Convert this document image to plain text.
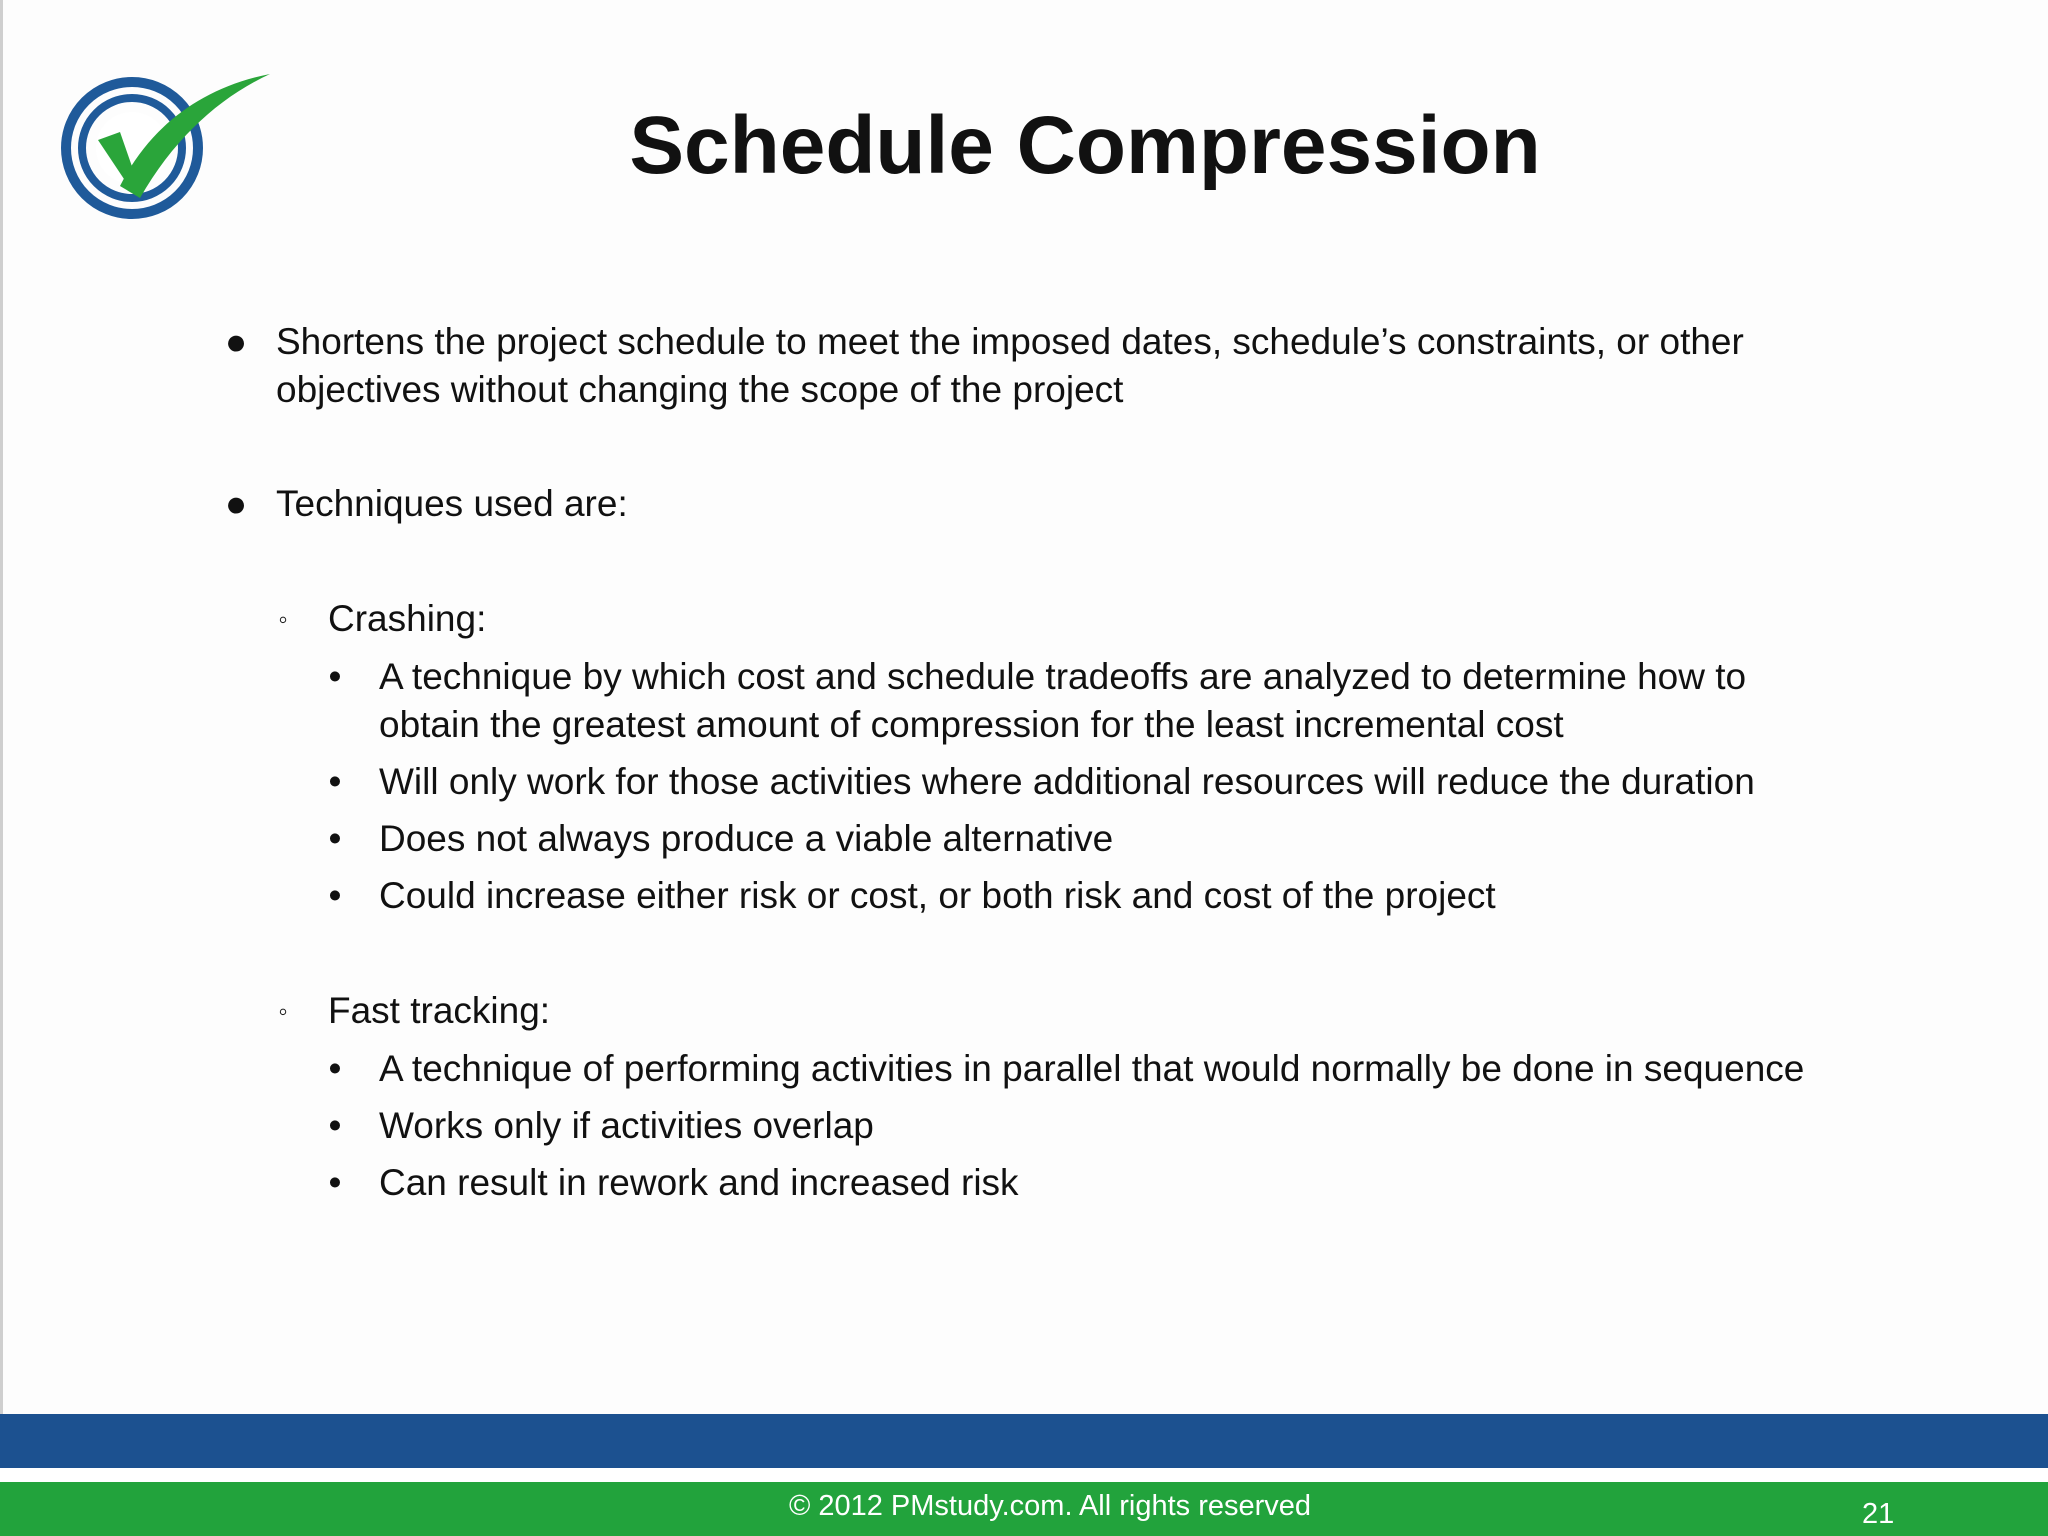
Schedule Compression
● Shortens the project schedule to meet the imposed dates, schedule’s constraints, or other
objectives without changing the scope of the project
● Techniques used are:
◦ Crashing:
• A technique by which cost and schedule tradeoffs are analyzed to determine how to
obtain the greatest amount of compression for the least incremental cost
• Will only work for those activities where additional resources will reduce the duration
• Does not always produce a viable alternative
• Could increase either risk or cost, or both risk and cost of the project
◦ Fast tracking:
• A technique of performing activities in parallel that would normally be done in sequence
• Works only if activities overlap
• Can result in rework and increased risk
© 2012 PMstudy.com. All rights reserved	21
